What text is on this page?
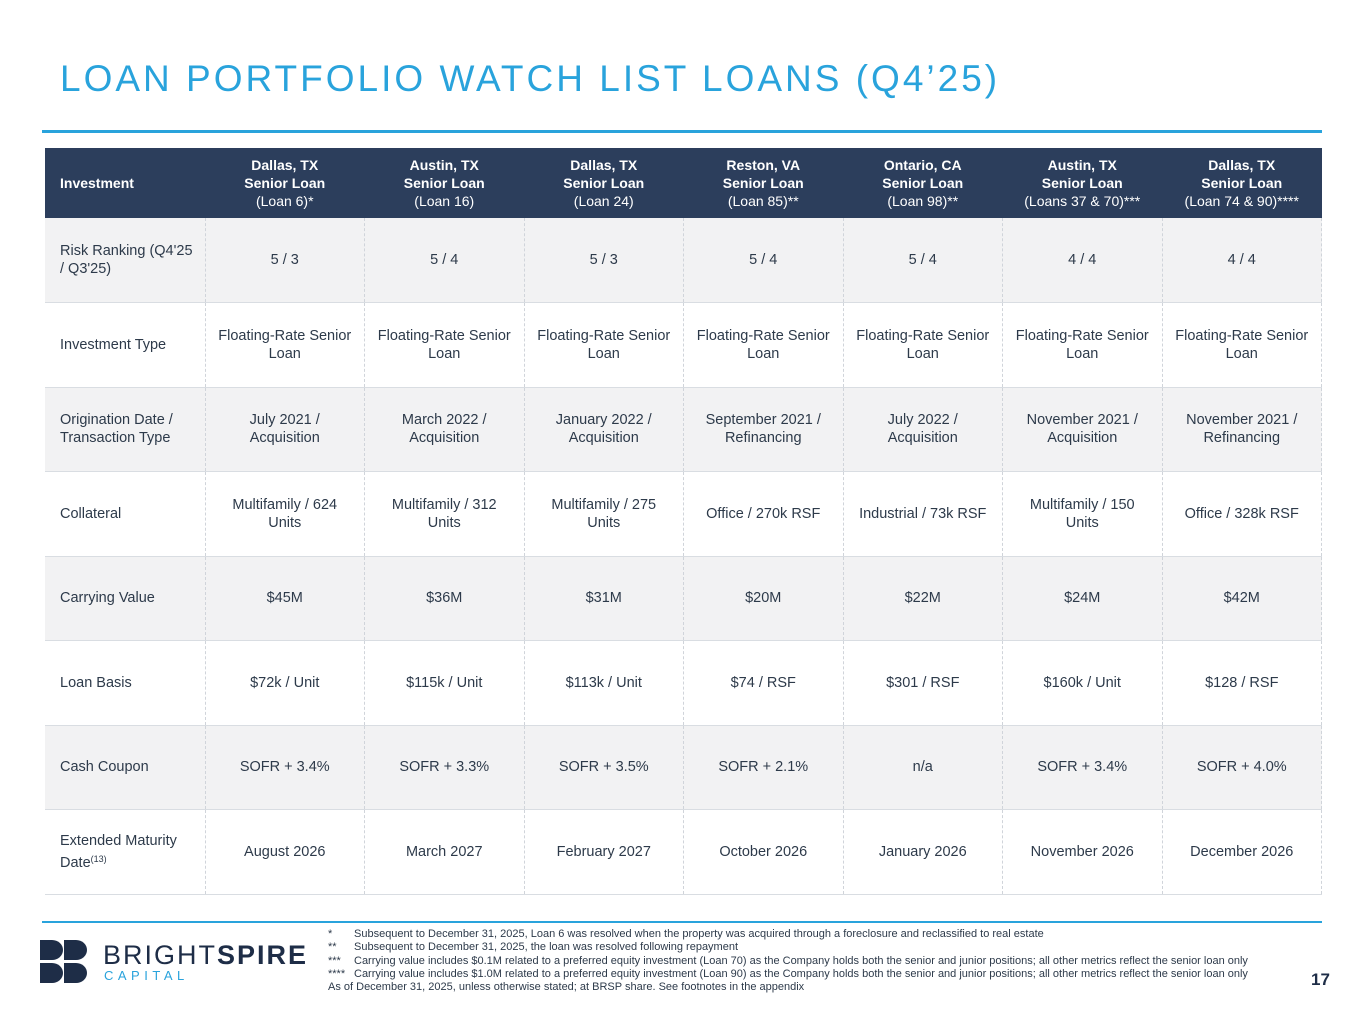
LOAN PORTFOLIO WATCH LIST LOANS (Q4’25)
Investment	Dallas, TX
Senior Loan
(Loan 6)*	Austin, TX
Senior Loan
(Loan 16)	Dallas, TX
Senior Loan
(Loan 24)	Reston, VA
Senior Loan
(Loan 85)**	Ontario, CA
Senior Loan
(Loan 98)**	Austin, TX
Senior Loan
(Loans 37 & 70)***	Dallas, TX
Senior Loan
(Loan 74 & 90)****

Risk Ranking (Q4'25 / Q3'25)	5 / 3	5 / 4	5 / 3	5 / 4	5 / 4	4 / 4	4 / 4
Investment Type	Floating-Rate Senior Loan	Floating-Rate Senior Loan	Floating-Rate Senior Loan	Floating-Rate Senior Loan	Floating-Rate Senior Loan	Floating-Rate Senior Loan	Floating-Rate Senior Loan
Origination Date / Transaction Type	July 2021 / Acquisition	March 2022 / Acquisition	January 2022 / Acquisition	September 2021 / Refinancing	July 2022 / Acquisition	November 2021 / Acquisition	November 2021 / Refinancing
Collateral	Multifamily / 624 Units	Multifamily / 312 Units	Multifamily / 275 Units	Office / 270k RSF	Industrial / 73k RSF	Multifamily / 150 Units	Office / 328k RSF
Carrying Value	$45M	$36M	$31M	$20M	$22M	$24M	$42M
Loan Basis	$72k / Unit	$115k / Unit	$113k / Unit	$74 / RSF	$301 / RSF	$160k / Unit	$128 / RSF
Cash Coupon	SOFR + 3.4%	SOFR + 3.3%	SOFR + 3.5%	SOFR + 2.1%	n/a	SOFR + 3.4%	SOFR + 4.0%
Extended Maturity Date$^{(13)}$	August 2026	March 2027	February 2027	October 2026	January 2026	November 2026	December 2026
BRIGHTSPIRE
CAPITAL
* Subsequent to December 31, 2025, Loan 6 was resolved when the property was acquired through a foreclosure and reclassified to real estate
** Subsequent to December 31, 2025, the loan was resolved following repayment
*** Carrying value includes $0.1M related to a preferred equity investment (Loan 70) as the Company holds both the senior and junior positions; all other metrics reflect the senior loan only
**** Carrying value includes $1.0M related to a preferred equity investment (Loan 90) as the Company holds both the senior and junior positions; all other metrics reflect the senior loan only
As of December 31, 2025, unless otherwise stated; at BRSP share. See footnotes in the appendix	17
